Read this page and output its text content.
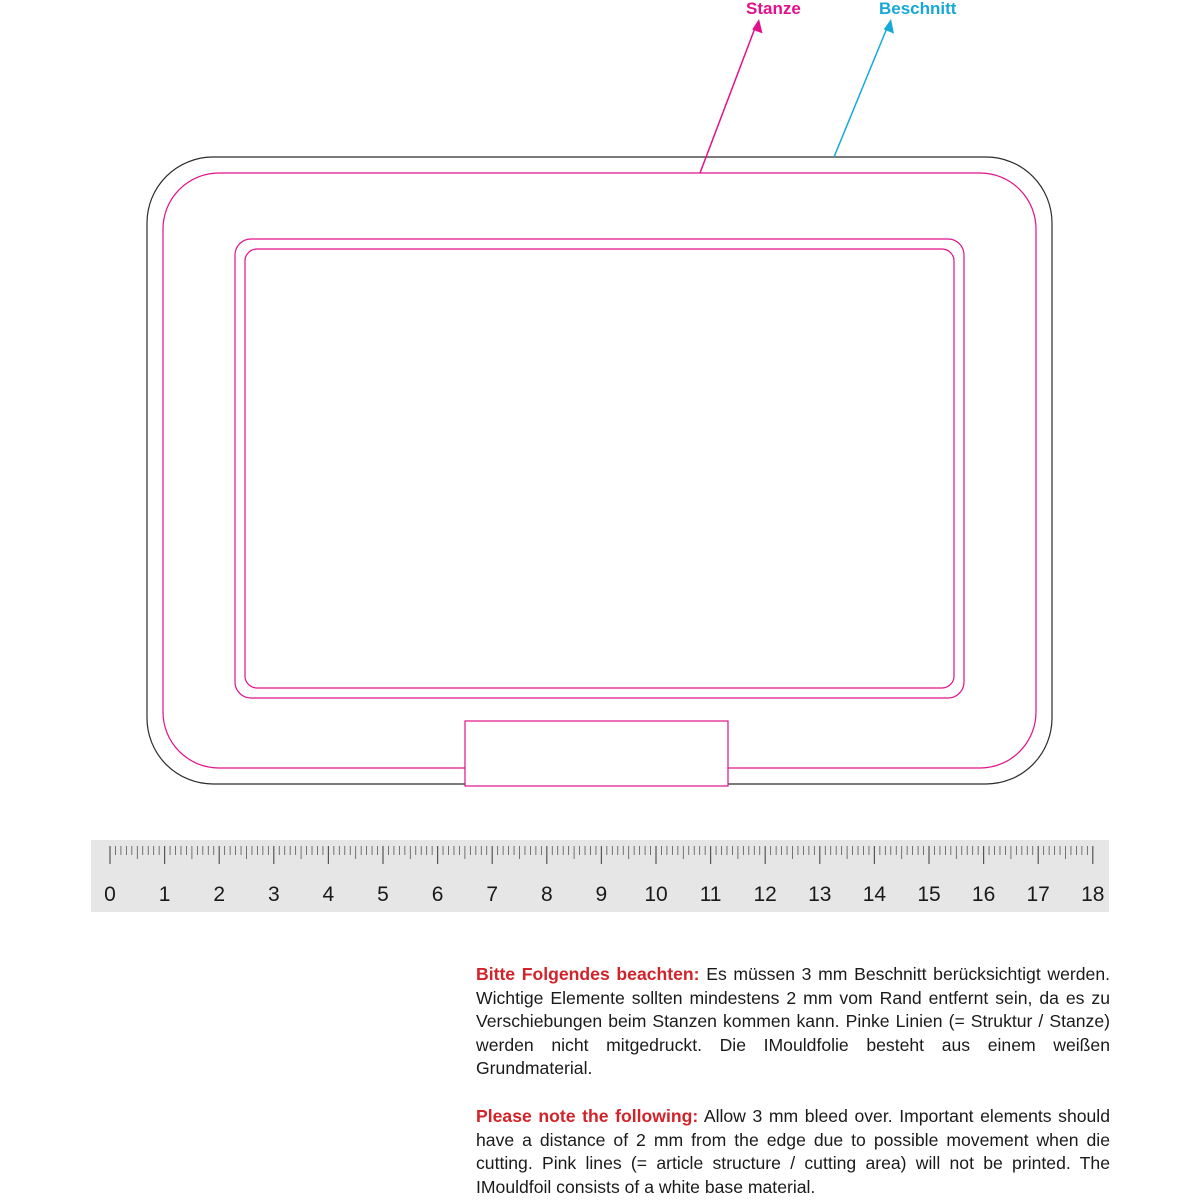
Stanze	Beschnitt
0 1 2 3 4 5 6 7 8 9 10 11 12 13 14 15 16 17 18

Bitte Folgendes beachten: Es müssen 3 mm Beschnitt berücksichtigt werden. Wichtige Elemente sollten mindestens 2 mm vom Rand entfernt sein, da es zu Verschiebungen beim Stanzen kommen kann. Pinke Linien (= Struktur / Stanze) werden nicht mitgedruckt. Die IMouldfolie besteht aus einem weißen Grundmaterial.

Please note the following: Allow 3 mm bleed over. Important elements should have a distance of 2 mm from the edge due to possible movement when die cutting. Pink lines (= article structure / cutting area) will not be printed. The IMouldfoil consists of a white base material.
